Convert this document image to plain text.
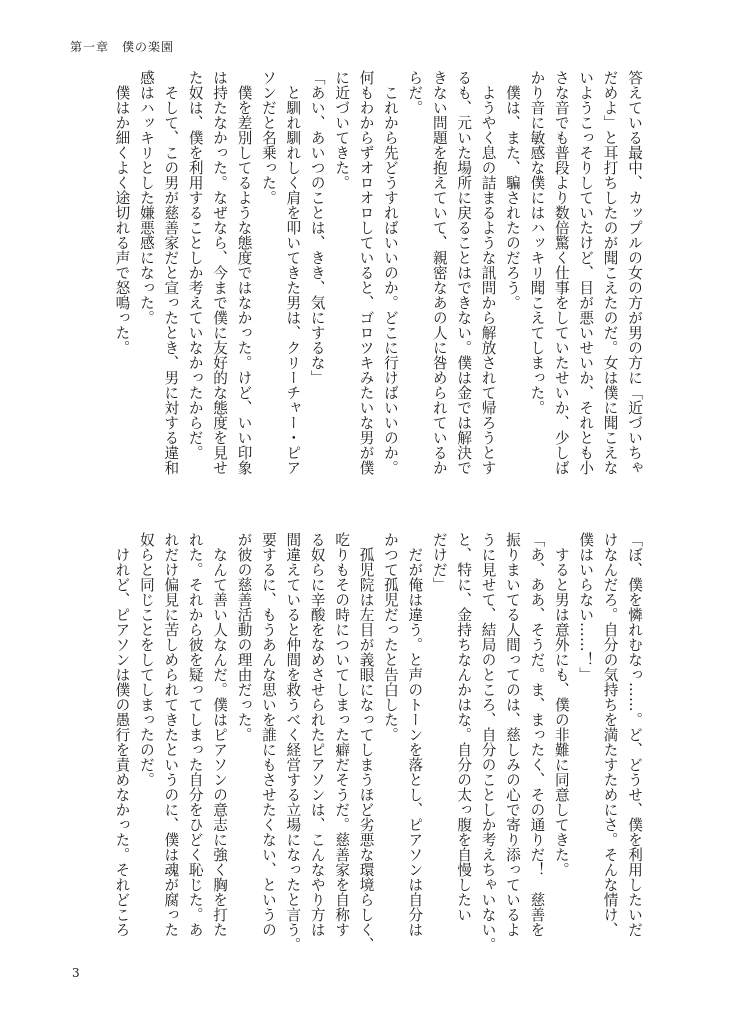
第一章　僕の楽園
答えている最中、カップルの女の方が男の方に「近づいちゃ
だめよ」と耳打ちしたのが聞こえたのだ。女は僕に聞こえな
いようこっそりしていたけど、目が悪いせいか、それとも小
さな音でも普段より数倍驚く仕事をしていたせいか、少しば
かり音に敏感な僕にはハッキリ聞こえてしまった。
　僕は、また、騙されたのだろう。
　ようやく息の詰まるような訊問から解放されて帰ろうとす
るも、元いた場所に戻ることはできない。僕は金では解決で
きない問題を抱えていて、親密なあの人に咎められているか
らだ。
　これから先どうすればいいのか。どこに行けばいいのか。
何もわからずオロオロしていると、ゴロツキみたいな男が僕
に近づいてきた。
「あい、あいつのことは、きき、気にするな」
　と馴れ馴れしく肩を叩いてきた男は、クリーチャー・ピア
ソンだと名乗った。
　僕を差別してるような態度ではなかった。けど、いい印象
は持たなかった。なぜなら、今まで僕に友好的な態度を見せ
た奴は、僕を利用することしか考えていなかったからだ。
　そして、この男が慈善家だと宣ったとき、男に対する違和
感はハッキリとした嫌悪感になった。
　僕はか細くよく途切れる声で怒鳴った。
「ぼ、僕を憐れむなっ……。ど、どうせ、僕を利用したいだ
けなんだろ。自分の気持ちを満たすためにさ。そんな情け、
僕はいらない……！」
　すると男は意外にも、僕の非難に同意してきた。
「あ、ああ、そうだ。ま、まったく、その通りだ！　慈善を
振りまいてる人間ってのは、慈しみの心で寄り添っているよ
うに見せて、結局のところ、自分のことしか考えちゃいない。
と、特に、金持ちなんかはな。自分の太っ腹を自慢したい
だけだ」
　だが俺は違う。と声のトーンを落とし、ピアソンは自分は
かつて孤児だったと告白した。
　孤児院は左目が義眼になってしまうほど劣悪な環境らしく、
吃りもその時についてしまった癖だそうだ。慈善家を自称す
る奴らに辛酸をなめさせられたピアソンは、こんなやり方は
間違えていると仲間を救うべく経営する立場になったと言う。
要するに、もうあんな思いを誰にもさせたくない、というの
が彼の慈善活動の理由だった。
　なんて善い人なんだ。僕はピアソンの意志に強く胸を打た
れた。それから彼を疑ってしまった自分をひどく恥じた。あ
れだけ偏見に苦しめられてきたというのに、僕は魂が腐った
奴らと同じことをしてしまったのだ。
　けれど、ピアソンは僕の愚行を責めなかった。それどころ
3
